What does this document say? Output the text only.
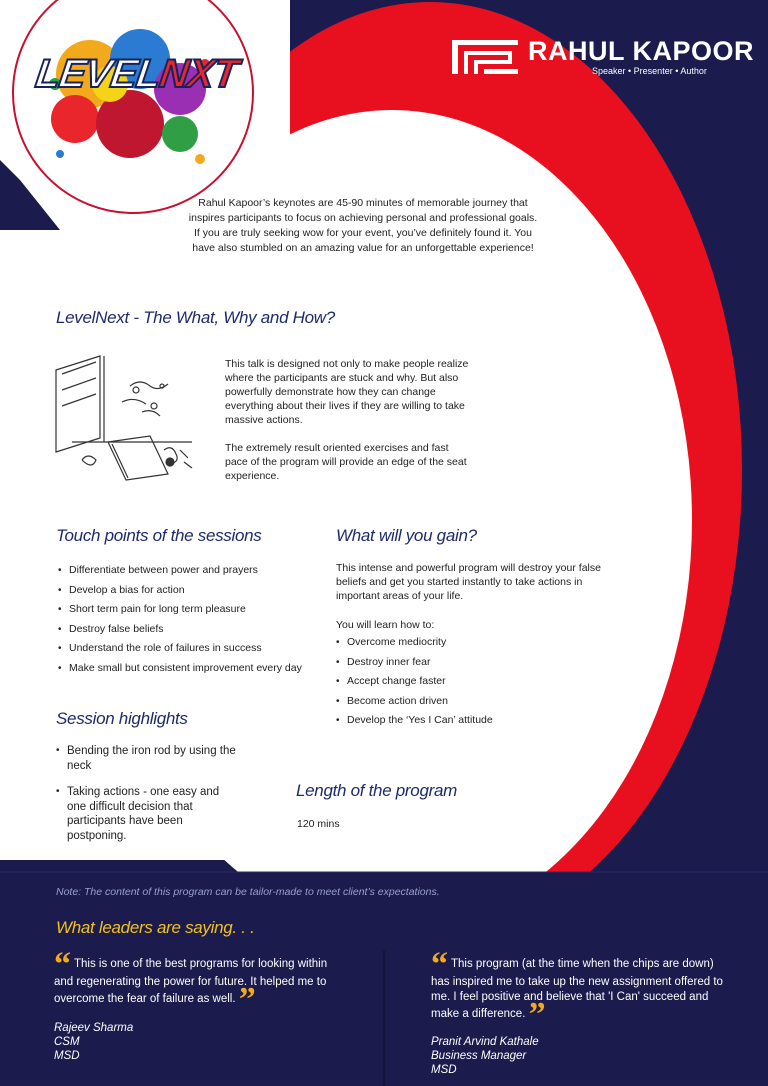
LEVELNXT
RAHUL KAPOOR
Speaker • Presenter • Author
Rahul Kapoor’s keynotes are 45-90 minutes of memorable journey that inspires participants to focus on achieving personal and professional goals. If you are truly seeking wow for your event, you’ve definitely found it. You have also stumbled on an amazing value for an unforgettable experience!
LevelNext - The What, Why and How?
This talk is designed not only to make people realize where the participants are stuck and why. But also powerfully demonstrate how they can change everything about their lives if they are willing to take massive actions.
The extremely result oriented exercises and fast pace of the program will provide an edge of the seat experience.
Touch points of the sessions
• Differentiate between power and prayers
• Develop a bias for action
• Short term pain for long term pleasure
• Destroy false beliefs
• Understand the role of failures in success
• Make small but consistent improvement every day
What will you gain?
This intense and powerful program will destroy your false beliefs and get you started instantly to take actions in important areas of your life.
You will learn how to:
• Overcome mediocrity
• Destroy inner fear
• Accept change faster
• Become action driven
• Develop the ‘Yes I Can’ attitude
Session highlights
• Bending the iron rod by using the neck
• Taking actions - one easy and one difficult decision that participants have been postponing.
Length of the program
120 mins
Note: The content of this program can be tailor-made to meet client’s expectations.
What leaders are saying. . .
“ This is one of the best programs for looking within and regenerating the power for future. It helped me to overcome the fear of failure as well. ”
Rajeev Sharma
CSM
MSD
“ This program (at the time when the chips are down) has inspired me to take up the new assignment offered to me. I feel positive and believe that 'I Can' succeed and make a difference. ”
Pranit Arvind Kathale
Business Manager
MSD
